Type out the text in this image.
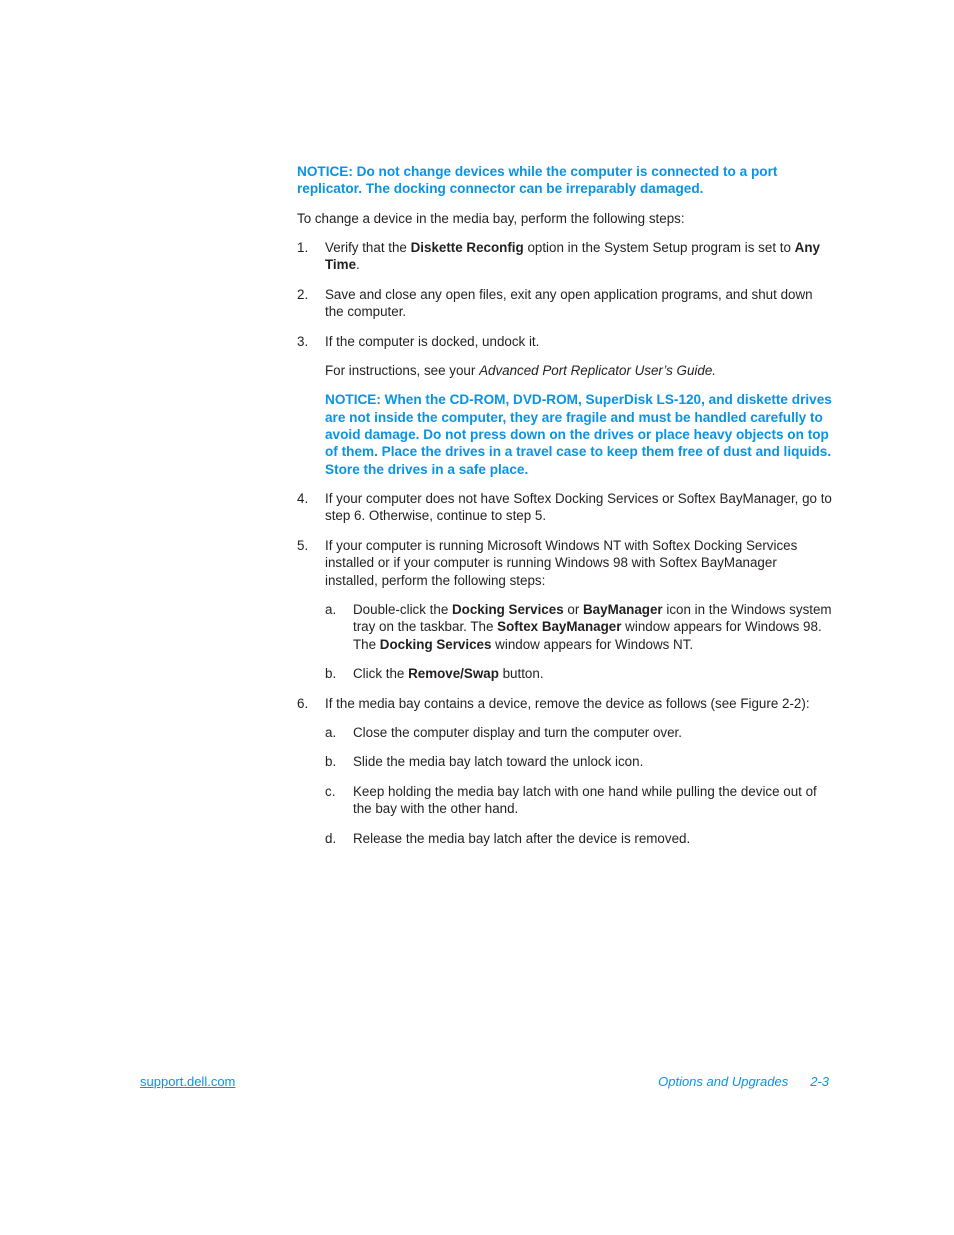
NOTICE: Do not change devices while the computer is connected to a port replicator. The docking connector can be irreparably damaged.

To change a device in the media bay, perform the following steps:

1.	Verify that the Diskette Reconfig option in the System Setup program is set to Any Time.
2.	Save and close any open files, exit any open application programs, and shut down the computer.
3.	If the computer is docked, undock it.

For instructions, see your Advanced Port Replicator User’s Guide.

NOTICE: When the CD-ROM, DVD-ROM, SuperDisk LS-120, and diskette drives are not inside the computer, they are fragile and must be handled carefully to avoid damage. Do not press down on the drives or place heavy objects on top of them. Place the drives in a travel case to keep them free of dust and liquids. Store the drives in a safe place.

4.	If your computer does not have Softex Docking Services or Softex BayManager, go to step 6. Otherwise, continue to step 5.
5.	If your computer is running Microsoft Windows NT with Softex Docking Services installed or if your computer is running Windows 98 with Softex BayManager installed, perform the following steps:
a.	Double-click the Docking Services or BayManager icon in the Windows system tray on the taskbar. The Softex BayManager window appears for Windows 98. The Docking Services window appears for Windows NT.
b.	Click the Remove/Swap button.
6.	If the media bay contains a device, remove the device as follows (see Figure 2-2):
a.	Close the computer display and turn the computer over.
b.	Slide the media bay latch toward the unlock icon.
c.	Keep holding the media bay latch with one hand while pulling the device out of the bay with the other hand.
d.	Release the media bay latch after the device is removed.
support.dell.com	Options and Upgrades 2-3
